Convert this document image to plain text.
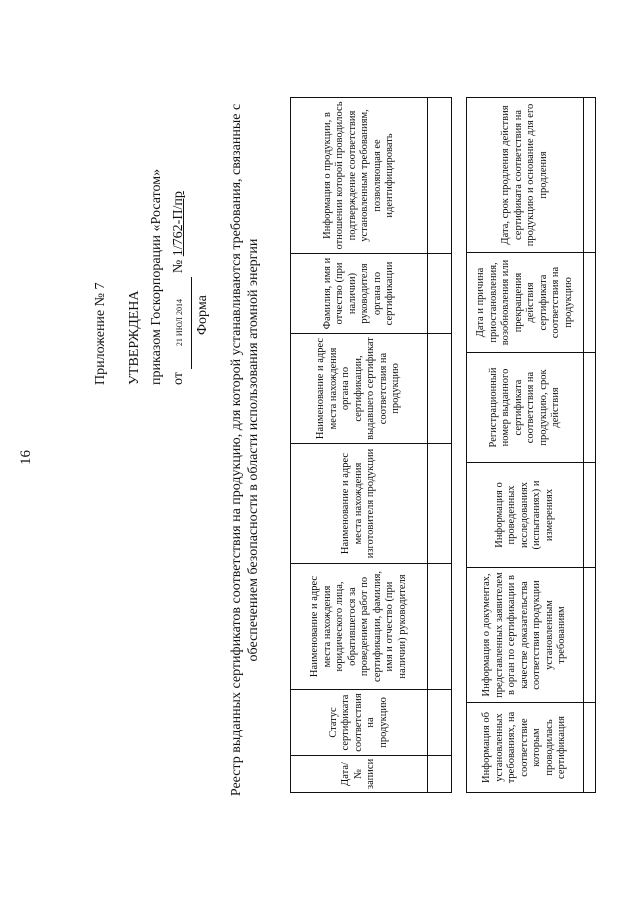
16
Приложение № 7 УТВЕРЖДЕНА приказом Госкорпорации «Росатом» от 21 ИЮЛ 2014 № 1/762-П/пр
Форма Реестр выданных сертификатов соответствия на продукцию, для которой устанавливаются требования, связанные с обеспечением безопасности в области использования атомной энергии
Дата/№ записи	Статус сертификата соответствия на продукцию	Наименование и адрес места нахождения юридического лица, обратившегося за проведением работ по сертификации, фамилия, имя и отчество (при наличии) руководителя	Наименование и адрес места нахождения изготовителя продукции	Наименование и адрес места нахождения органа по сертификации, выдавшего сертификат соответствия на продукцию	Фамилия, имя и отчество (при наличии) руководителя органа по сертификации	Информация о продукции, в отношении которой проводилось подтверждение соответствия установленным требованиям, позволяющая ее идентифицировать

Информация об установленных требованиях, на соответствие которым проводилась сертификация	Информация о документах, представленных заявителем в орган по сертификации в качестве доказательства соответствия продукции установленным требованиям	Информация о проведенных исследованиях (испытаниях) и измерениях	Регистрационный номер выданного сертификата соответствия на продукцию, срок действия	Дата и причина приостановления, возобновления или прекращения действия сертификата соответствия на продукцию	Дата, срок продления действия сертификата соответствия на продукцию и основание для его продления
